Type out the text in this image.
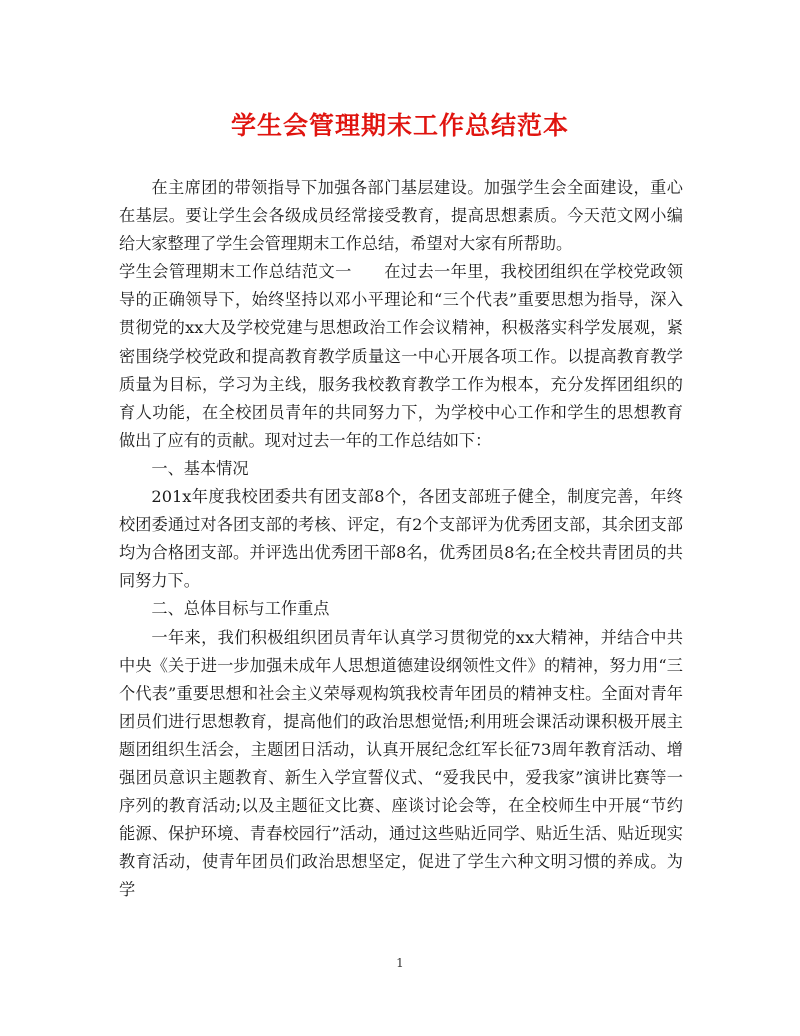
学生会管理期末工作总结范本

在主席团的带领指导下加强各部门基层建设。加强学生会全面建设，重心在基层。要让学生会各级成员经常接受教育，提高思想素质。今天范文网小编给大家整理了学生会管理期末工作总结，希望对大家有所帮助。

学生会管理期末工作总结范文一 在过去一年里，我校团组织在学校党政领导的正确领导下，始终坚持以邓小平理论和“三个代表”重要思想为指导，深入贯彻党的xx大及学校党建与思想政治工作会议精神，积极落实科学发展观，紧密围绕学校党政和提高教育教学质量这一中心开展各项工作。以提高教育教学质量为目标，学习为主线，服务我校教育教学工作为根本，充分发挥团组织的育人功能，在全校团员青年的共同努力下，为学校中心工作和学生的思想教育做出了应有的贡献。现对过去一年的工作总结如下：

一、基本情况

201x年度我校团委共有团支部8个，各团支部班子健全，制度完善，年终校团委通过对各团支部的考核、评定，有2个支部评为优秀团支部，其余团支部均为合格团支部。并评选出优秀团干部8名，优秀团员8名;在全校共青团员的共同努力下。

二、总体目标与工作重点

一年来，我们积极组织团员青年认真学习贯彻党的xx大精神，并结合中共中央《关于进一步加强未成年人思想道德建设纲领性文件》的精神，努力用“三个代表”重要思想和社会主义荣辱观构筑我校青年团员的精神支柱。全面对青年团员们进行思想教育，提高他们的政治思想觉悟;利用班会课活动课积极开展主题团组织生活会，主题团日活动，认真开展纪念红军长征73周年教育活动、增强团员意识主题教育、新生入学宣誓仪式、“爱我民中，爱我家”演讲比赛等一序列的教育活动;以及主题征文比赛、座谈讨论会等，在全校师生中开展“节约能源、保护环境、青春校园行”活动，通过这些贴近同学、贴近生活、贴近现实教育活动，使青年团员们政治思想坚定，促进了学生六种文明习惯的养成。为学

1
